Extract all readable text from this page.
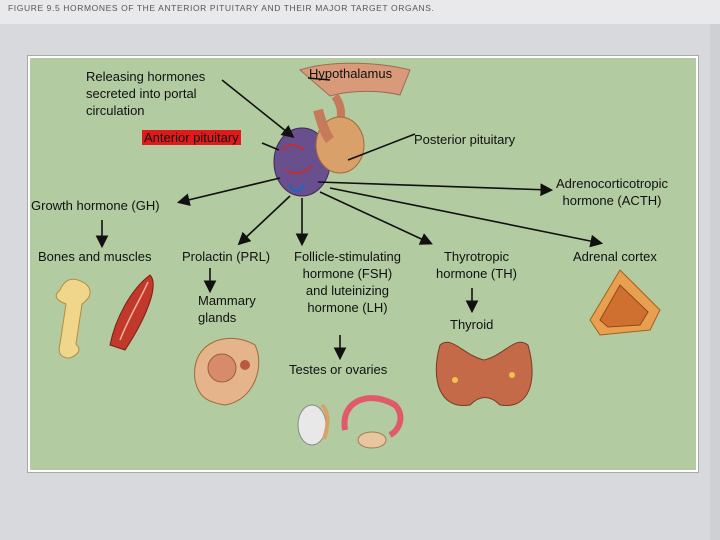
FIGURE 9.5 HORMONES OF THE ANTERIOR PITUITARY AND THEIR MAJOR TARGET ORGANS.
Releasing hormones
secreted into portal
circulation
Hypothalamus
Anterior pituitary	Posterior pituitary
Adrenocorticotropic
hormone (ACTH)
Growth hormone (GH)
Bones and muscles Prolactin (PRL) Follicle-stimulating
hormone (FSH)
and luteinizing
hormone (LH)
Thyrotropic
hormone (TH)
Adrenal cortex
Mammary
glands	Thyroid
Testes or ovaries
